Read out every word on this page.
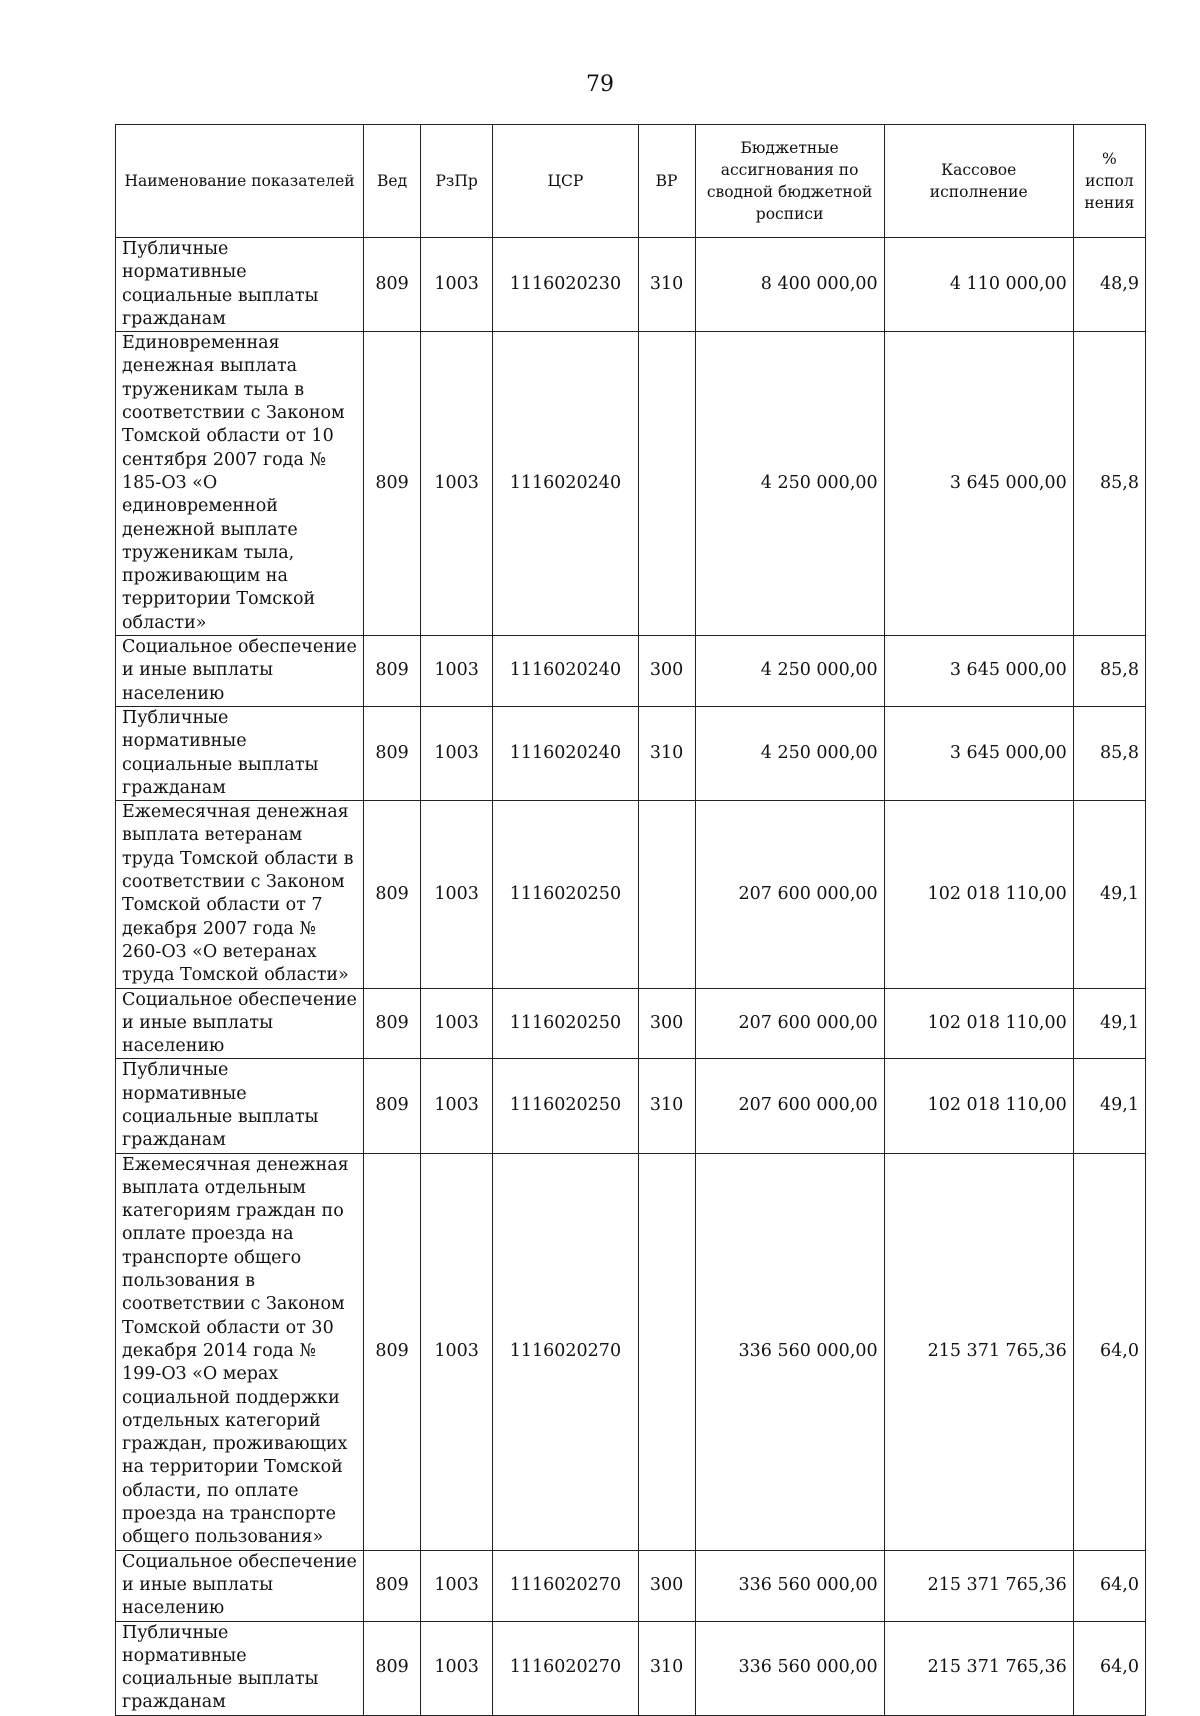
79
Наименование показателей	Вед	РзПр	ЦСР	ВР	Бюджетные ассигнования по сводной бюджетной росписи	Кассовое исполнение	% испол нения
Публичные нормативные социальные выплаты гражданам	809	1003	1116020230	310	8 400 000,00	4 110 000,00	48,9
Единовременная денежная выплата труженикам тыла в соответствии с Законом Томской области от 10 сентября 2007 года № 185-ОЗ «О единовременной денежной выплате труженикам тыла, проживающим на территории Томской области»	809	1003	1116020240		4 250 000,00	3 645 000,00	85,8
Социальное обеспечение и иные выплаты населению	809	1003	1116020240	300	4 250 000,00	3 645 000,00	85,8
Публичные нормативные социальные выплаты гражданам	809	1003	1116020240	310	4 250 000,00	3 645 000,00	85,8
Ежемесячная денежная выплата ветеранам труда Томской области в соответствии с Законом Томской области от 7 декабря 2007 года № 260-ОЗ «О ветеранах труда Томской области»	809	1003	1116020250		207 600 000,00	102 018 110,00	49,1
Социальное обеспечение и иные выплаты населению	809	1003	1116020250	300	207 600 000,00	102 018 110,00	49,1
Публичные нормативные социальные выплаты гражданам	809	1003	1116020250	310	207 600 000,00	102 018 110,00	49,1
Ежемесячная денежная выплата отдельным категориям граждан по оплате проезда на транспорте общего пользования в соответствии с Законом Томской области от 30 декабря 2014 года № 199-ОЗ «О мерах социальной поддержки отдельных категорий граждан, проживающих на территории Томской области, по оплате проезда на транспорте общего пользования»	809	1003	1116020270		336 560 000,00	215 371 765,36	64,0
Социальное обеспечение и иные выплаты населению	809	1003	1116020270	300	336 560 000,00	215 371 765,36	64,0
Публичные нормативные социальные выплаты гражданам	809	1003	1116020270	310	336 560 000,00	215 371 765,36	64,0
